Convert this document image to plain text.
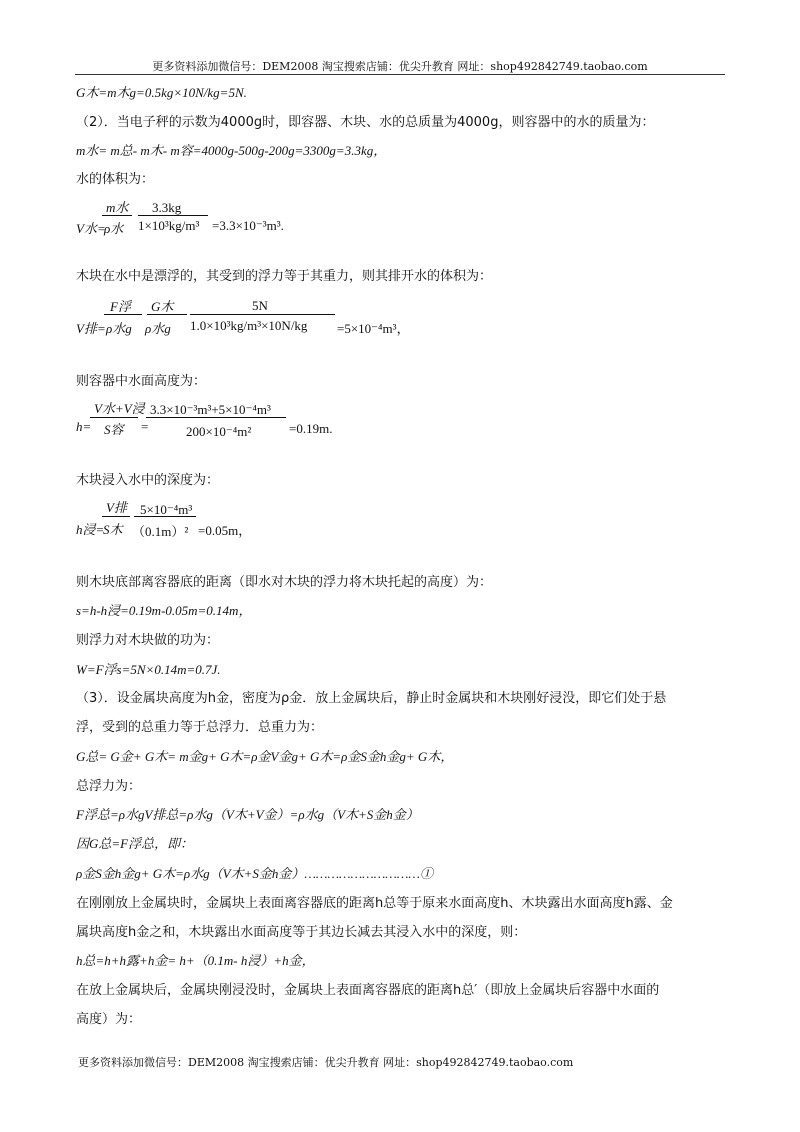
更多资料添加微信号：DEM2008 淘宝搜索店铺：优尖升教育 网址：shop492842749.taobao.com
G木=m木g=0.5kg×10N/kg=5N.
（2）．当电子秤的示数为4000g时，即容器、木块、水的总质量为4000g，则容器中的水的质量为：
m水= m总- m木- m容=4000g-500g-200g=3300g=3.3kg，
水的体积为：
m水 3.3kg
V水=
ρ水 1×10³kg/m³ =3.3×10⁻³m³.
木块在水中是漂浮的，其受到的浮力等于其重力，则其排开水的体积为：
F浮 G木	5N
V排= ρ水g ρ水g 1.0×10³kg/m³×10N/kg =5×10⁻⁴m³，
则容器中水面高度为：
V水+V浸 3.3×10⁻³m³+5×10⁻⁴m³
h= S容 =	200×10⁻⁴m²	=0.19m.
木块浸入水中的深度为：
V排 5×10⁻⁴m³
h浸=
S木 （0.1m）² =0.05m，
则木块底部离容器底的距离（即水对木块的浮力将木块托起的高度）为：
s=h-h浸=0.19m-0.05m=0.14m，
则浮力对木块做的功为：
W=F浮s=5N×0.14m=0.7J.
（3）．设金属块高度为h金，密度为ρ金．放上金属块后，静止时金属块和木块刚好浸没，即它们处于悬
浮，受到的总重力等于总浮力．总重力为：
G总= G金+ G木= m金g+ G木=ρ金V金g+ G木=ρ金S金h金g+ G木，
总浮力为：
F浮总=ρ水gV排总=ρ水g（V木+V金）=ρ水g（V木+S金h金）
因G总=F浮总，即：
ρ金S金h金g+ G木=ρ水g（V木+S金h金）…………………………①
在刚刚放上金属块时，金属块上表面离容器底的距离h总等于原来水面高度h、木块露出水面高度h露、金
属块高度h金之和，木块露出水面高度等于其边长减去其浸入水中的深度，则：
h总=h+h露+h金= h+（0.1m- h浸）+h金，
在放上金属块后，金属块刚浸没时，金属块上表面离容器底的距离h总′（即放上金属块后容器中水面的
高度）为：
更多资料添加微信号：DEM2008 淘宝搜索店铺：优尖升教育 网址：shop492842749.taobao.com
